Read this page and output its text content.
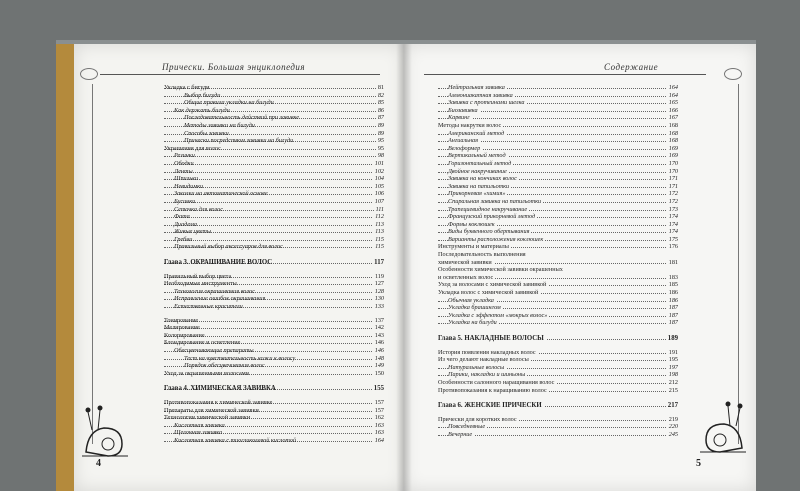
Прически. Большая энциклопедия
Укладка с бигуди	81
Выбор бигуди	82
Общие правила укладки на бигуди	85
Как держать бигуди	86
Последовательность действий при завивке	87
Методы завивки на бигуди	89
Способы завивки	89
Прически посредством завивки на бигуди	95
Украшения для волос	95
Резинки	98
Ободки	101
Ленты	102
Шпильки	104
Невидимки	105
Заколки на автоматической основе	106
Бусинки	107
Сеточка для волос	111
Фата	112
Диадема	113
Живые цветы	113
Гребни	115
Правильный выбор аксессуаров для волос	115
Глава 3. ОКРАШИВАНИЕ ВОЛОС	117
Правильный выбор цвета	119
Необходимые инструменты	127
Технология окрашивания волос	128
Исправление ошибок окрашивания	130
Естественные красители	133
Тонирование	137
Мелирование	142
Колорирование	143
Блондирование и осветление	146
Обесцвечивающие препараты	146
Тест на чувствительность кожи к волосу	148
Порядок обесцвечивания волос	149
Уход за окрашенными волосами	150
Глава 4. ХИМИЧЕСКАЯ ЗАВИВКА	155
Противопоказания к химической завивке	157
Препараты для химической завивки	157
Технологии химической завивки	162
Кислотная завивка	163
Щелочная завивка	163
Кислотная завивка с тиогликолевой кислотой	164
4
Содержание
Нейтральная завивка	164
Аммониакатная завивка	164
Завивка с протеинами шелка	165
Биозавивка	166
Карвинг	167
Методы накрутки волос	168
Американский метод	168
Ангиальная	168
Велоформер	169
Вертикальный метод	169
Горизонтальный метод	170
Двойное накручивание	170
Завивка на кончиках волос	171
Завивка на папильотки	171
Прикорневая «химия»	172
Спиральная завивка на папильотки	172
Трапециевидное накручивание	173
Французский прикорневой метод	174
Формы коклюшек	174
Виды буквенного обертывания	174
Варианты расположения коклюшек	175
Инструменты и материалы	176
Последовательность выполнения
химической завивки	181
Особенности химической завивки окрашенных
и осветленных волос	183
Уход за волосами с химической завивкой	185
Укладка волос с химической завивкой	186
Обычная укладка	186
Укладка брашингом	187
Укладка с эффектом «мокрых волос»	187
Укладка на бигуди	187
Глава 5. НАКЛАДНЫЕ ВОЛОСЫ	189
История появления накладных волос	191
Из чего делают накладные волосы	195
Натуральные волосы	197
Парики, накладки и шиньоны	198
Особенности салонного наращивания волос	212
Противопоказания к наращиванию волос	215
Глава 6. ЖЕНСКИЕ ПРИЧЕСКИ	217
Прически для коротких волос	219
Повседневные	220
Вечерние	245
5
